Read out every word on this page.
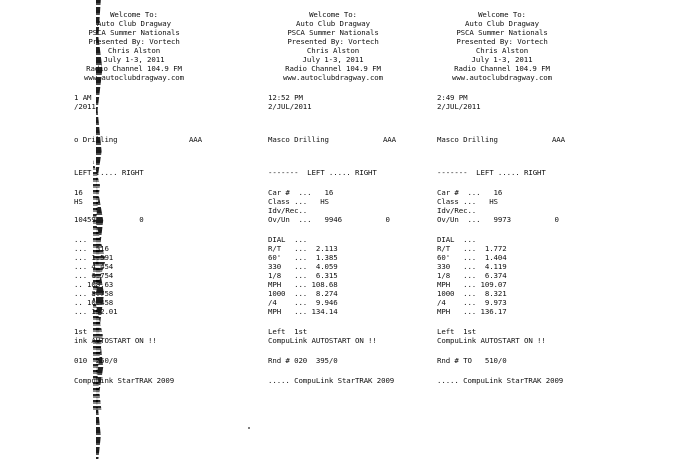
Welcome To:
Auto Club Dragway
PSCA Summer Nationals
Presented By: Vortech
Chris Alston
July 1-3, 2011
Radio Channel 104.9 FM
www.autoclubdragway.com
1 AM
/2011
o Drilling	AAA
LEFT ..... RIGHT
16
HS
10459          0
...
... .516
... 1.591
... 4.454
... 6.754
.. 108.63
... 8.758
.. 10.458
... 132.01
1st
ink AUTOSTART ON !!
010  250/0
CompuLink StarTRAK 2009
Welcome To:
Auto Club Dragway
PSCA Summer Nationals
Presented By: Vortech
Chris Alston
July 1-3, 2011
Radio Channel 104.9 FM
www.autoclubdragway.com
12:52 PM
2/JUL/2011
Masco Drilling	AAA
-------  LEFT ..... RIGHT
Car #  ...   16
Class ...   HS
Idv/Rec..
Ov/Un  ...   9946          0
DIAL  ...
R/T   ...  2.113
60'   ...  1.385
330   ...  4.059
1/8   ...  6.315
MPH   ... 108.68
1000  ...  8.274
/4    ...  9.946
MPH   ... 134.14
Left  1st
CompuLink AUTOSTART ON !!
Rnd # 020  395/0
..... CompuLink StarTRAK 2009
Welcome To:
Auto Club Dragway
PSCA Summer Nationals
Presented By: Vortech
Chris Alston
July 1-3, 2011
Radio Channel 104.9 FM
www.autoclubdragway.com
2:49 PM
2/JUL/2011
Masco Drilling	AAA
-------  LEFT ..... RIGHT
Car #  ...   16
Class ...   HS
Idv/Rec..
Ov/Un  ...   9973          0
DIAL  ...
R/T   ...  1.772
60'   ...  1.404
330   ...  4.119
1/8   ...  6.374
MPH   ... 109.07
1000  ...  8.321
/4    ...  9.973
MPH   ... 136.17
Left  1st
CompuLink AUTOSTART ON !!
Rnd # TO   510/0
..... CompuLink StarTRAK 2009
